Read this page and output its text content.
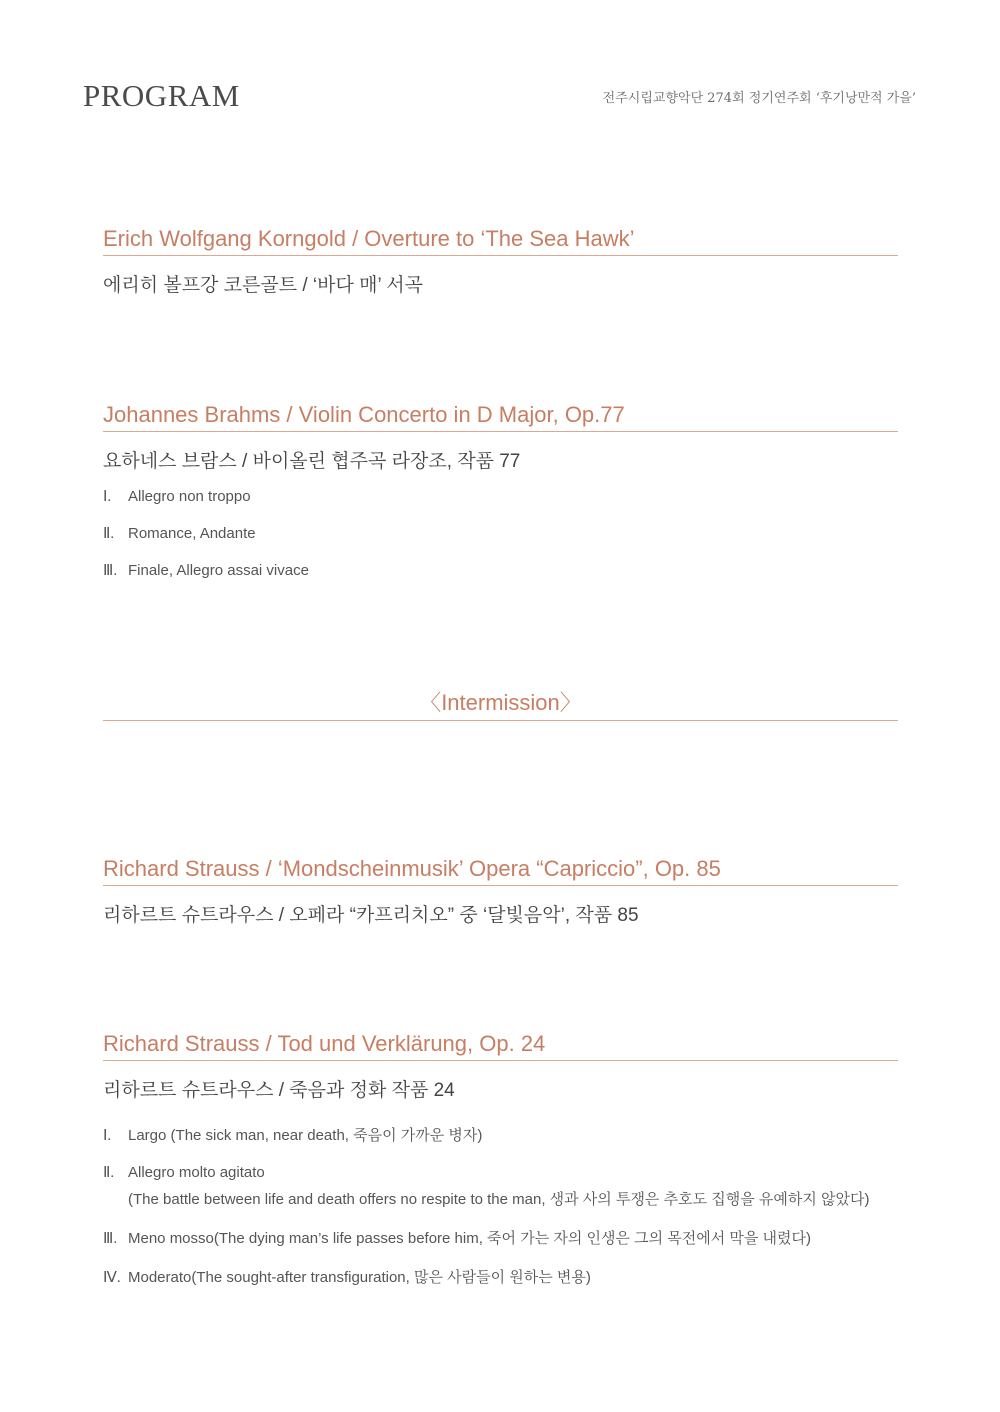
PROGRAM	전주시립교향악단 274회 정기연주회 ‘후기낭만적 가을’
Erich Wolfgang Korngold / Overture to ‘The Sea Hawk’
에리히 볼프강 코른골트 / ‘바다 매’ 서곡
Johannes Brahms / Violin Concerto in D Major, Op.77
요하네스 브람스 / 바이올린 협주곡 라장조, 작품 77
Ⅰ. Allegro non troppo
Ⅱ. Romance, Andante
Ⅲ. Finale, Allegro assai vivace
〈Intermission〉
Richard Strauss / ‘Mondscheinmusik’ Opera “Capriccio”, Op. 85
리하르트 슈트라우스 / 오페라 “카프리치오” 중 ‘달빛음악’, 작품 85
Richard Strauss / Tod und Verklärung, Op. 24
리하르트 슈트라우스 / 죽음과 정화 작품 24
Ⅰ. Largo (The sick man, near death, 죽음이 가까운 병자)
Ⅱ. Allegro molto agitato
(The battle between life and death offers no respite to the man, 생과 사의 투쟁은 추호도 집행을 유예하지 않았다)
Ⅲ. Meno mosso(The dying man’s life passes before him, 죽어 가는 자의 인생은 그의 목전에서 막을 내렸다)
Ⅳ. Moderato(The sought-after transfiguration, 많은 사람들이 원하는 변용)
